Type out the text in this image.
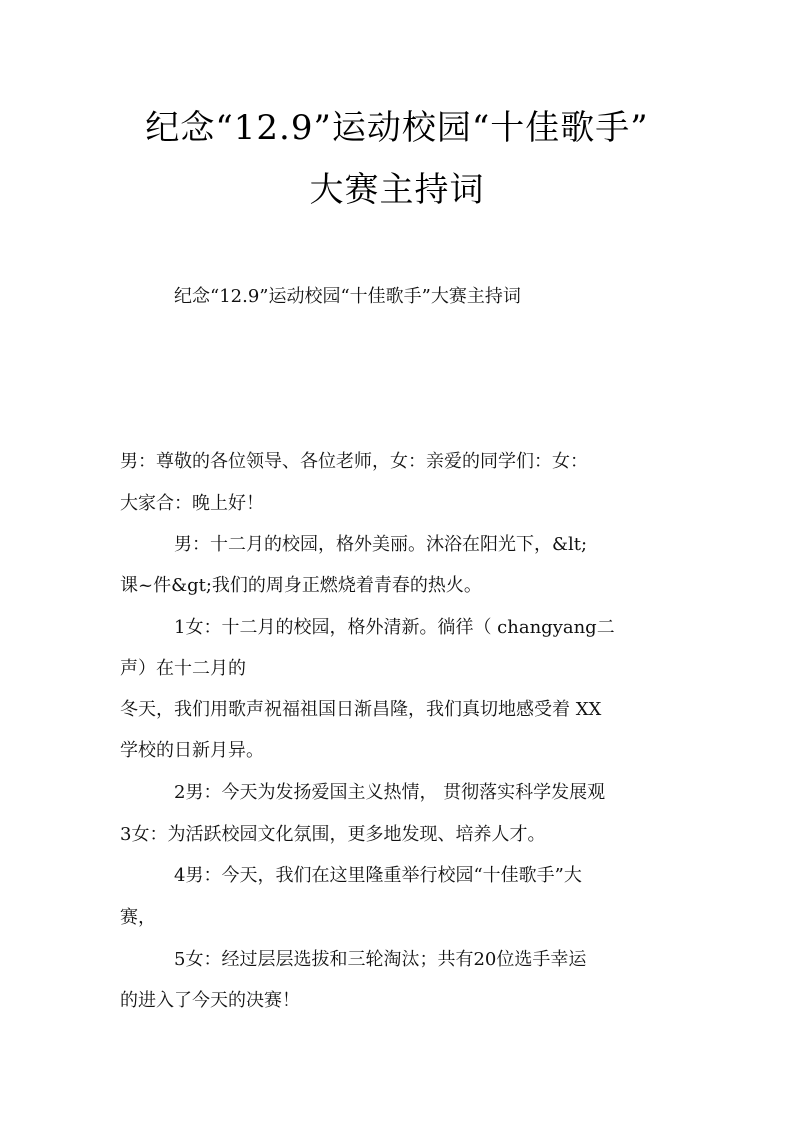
纪念“12.9”运动校园“十佳歌手”
大赛主持词
纪念“12.9”运动校园“十佳歌手”大赛主持词
男：尊敬的各位领导、各位老师，女：亲爱的同学们：女：
大家合：晚上好！
男：十二月的校园，格外美丽。沐浴在阳光下，&lt;
课~件&gt;我们的周身正燃烧着青春的热火。
1女：十二月的校园，格外清新。徜徉（ changyang二
声）在十二月的
冬天，我们用歌声祝福祖国日渐昌隆，我们真切地感受着 XX
学校的日新月异。
2男：今天为发扬爱国主义热情， 贯彻落实科学发展观
3女：为活跃校园文化氛围，更多地发现、培养人才。
4男：今天，我们在这里隆重举行校园“十佳歌手”大
赛，
5女：经过层层选拔和三轮淘汰；共有20位选手幸运
的进入了今天的决赛！
